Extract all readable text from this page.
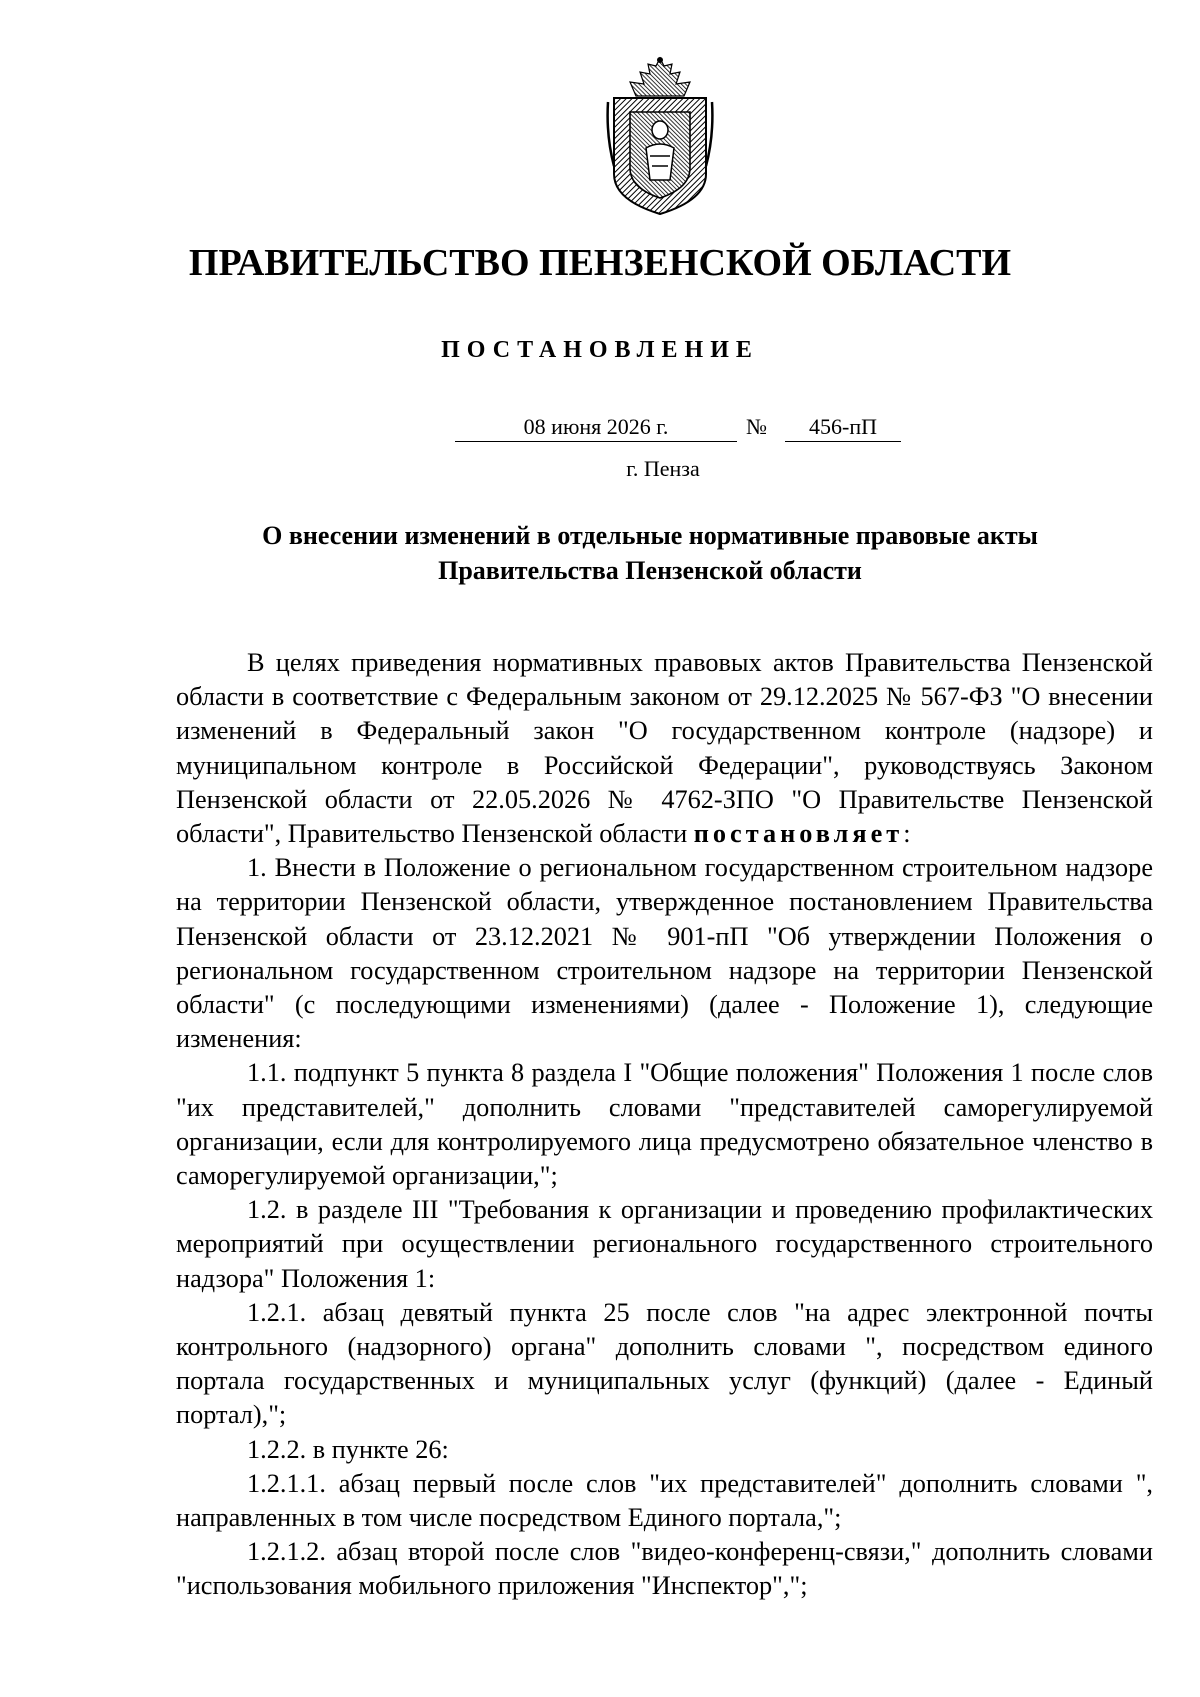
ПРАВИТЕЛЬСТВО ПЕНЗЕНСКОЙ ОБЛАСТИ
ПОСТАНОВЛЕНИЕ
08 июня 2026 г.	№	456-пП
г. Пенза
О внесении изменений в отдельные нормативные правовые акты
Правительства Пензенской области

В целях приведения нормативных правовых актов Правительства Пензенской области в соответствие с Федеральным законом от 29.12.2025 № 567-ФЗ "О внесении изменений в Федеральный закон "О государственном контроле (надзоре) и муниципальном контроле в Российской Федерации", руководствуясь Законом Пензенской области от 22.05.2026 № 4762-ЗПО "О Правительстве Пензенской области", Правительство Пензенской области постановляет:

1. Внести в Положение о региональном государственном строительном надзоре на территории Пензенской области, утвержденное постановлением Правительства Пензенской области от 23.12.2021 № 901-пП "Об утверждении Положения о региональном государственном строительном надзоре на территории Пензенской области" (с последующими изменениями) (далее - Положение 1), следующие изменения:

1.1. подпункт 5 пункта 8 раздела I "Общие положения" Положения 1 после слов "их представителей," дополнить словами "представителей саморегулируемой организации, если для контролируемого лица предусмотрено обязательное членство в саморегулируемой организации,";

1.2. в разделе III "Требования к организации и проведению профилактических мероприятий при осуществлении регионального государственного строительного надзора" Положения 1:

1.2.1. абзац девятый пункта 25 после слов "на адрес электронной почты контрольного (надзорного) органа" дополнить словами ", посредством единого портала государственных и муниципальных услуг (функций) (далее - Единый портал),";

1.2.2. в пункте 26:

1.2.1.1. абзац первый после слов "их представителей" дополнить словами ", направленных в том числе посредством Единого портала,";

1.2.1.2. абзац второй после слов "видео-конференц-связи," дополнить словами "использования мобильного приложения "Инспектор",";
